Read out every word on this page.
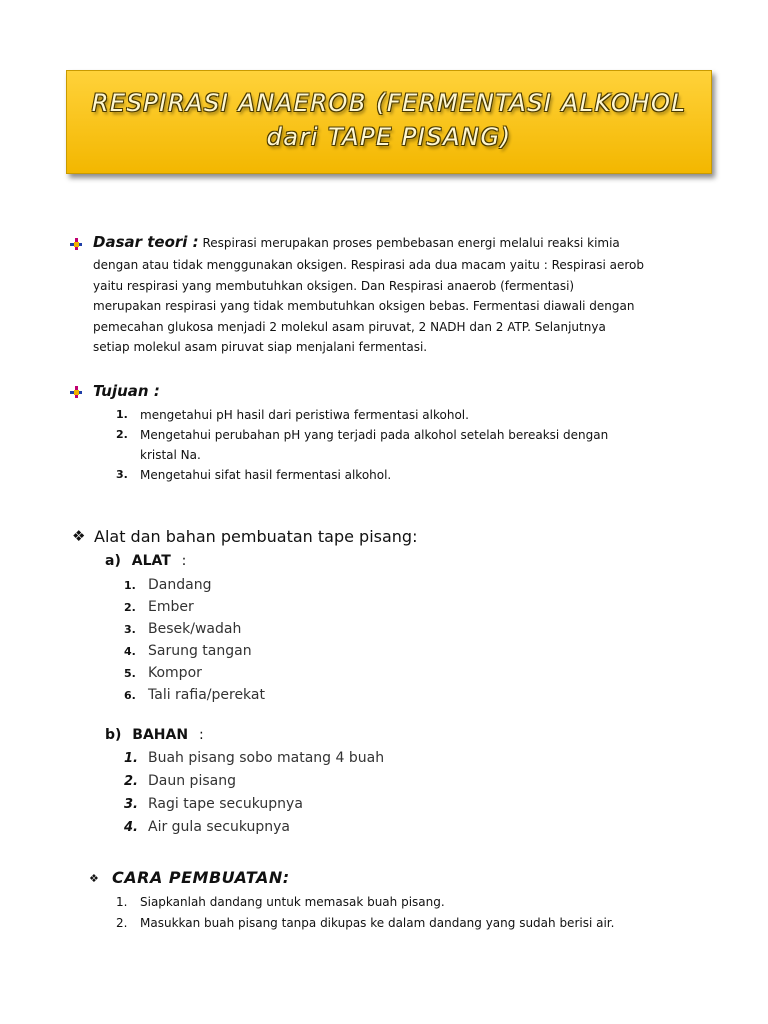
RESPIRASI ANAEROB (FERMENTASI ALKOHOL
dari TAPE PISANG)
Dasar teori : Respirasi merupakan proses pembebasan energi melalui reaksi kimia
dengan atau tidak menggunakan oksigen. Respirasi ada dua macam yaitu : Respirasi aerob
yaitu respirasi yang membutuhkan oksigen. Dan Respirasi anaerob (fermentasi)
merupakan respirasi yang tidak membutuhkan oksigen bebas. Fermentasi diawali dengan
pemecahan glukosa menjadi 2 molekul asam piruvat, 2 NADH dan 2 ATP. Selanjutnya
setiap molekul asam piruvat siap menjalani fermentasi.
Tujuan :
1. mengetahui pH hasil dari peristiwa fermentasi alkohol.
2. Mengetahui perubahan pH yang terjadi pada alkohol setelah bereaksi dengan
kristal Na.
3. Mengetahui sifat hasil fermentasi alkohol.
❖ Alat dan bahan pembuatan tape pisang:
a) ALAT :
1. Dandang
2. Ember
3. Besek/wadah
4. Sarung tangan
5. Kompor
6. Tali rafia/perekat
b) BAHAN :
1. Buah pisang sobo matang 4 buah
2. Daun pisang
3. Ragi tape secukupnya
4. Air gula secukupnya
❖ CARA PEMBUATAN:
1. Siapkanlah dandang untuk memasak buah pisang.
2. Masukkan buah pisang tanpa dikupas ke dalam dandang yang sudah berisi air.
